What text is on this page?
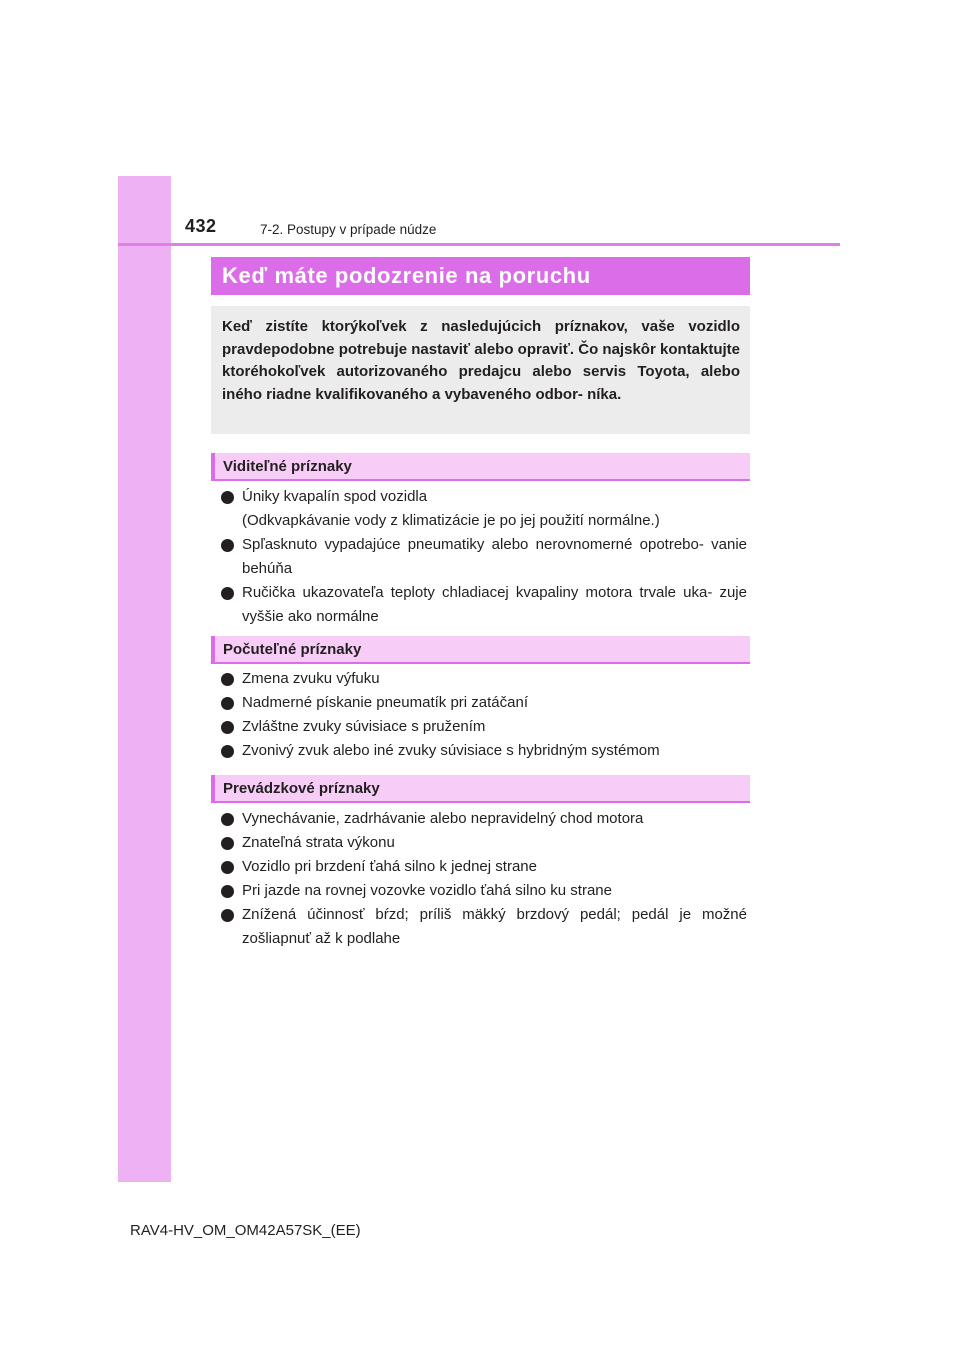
432	7-2. Postupy v prípade núdze
Keď máte podozrenie na poruchu
Keď zistíte ktorýkoľvek z nasledujúcich príznakov, vaše vozidlo pravdepodobne potrebuje nastaviť alebo opraviť. Čo najskôr kontaktujte ktoréhokoľvek autorizovaného predajcu alebo servis Toyota, alebo iného riadne kvalifikovaného a vybaveného odbor- níka.
Viditeľné príznaky
Úniky kvapalín spod vozidla
(Odkvapkávanie vody z klimatizácie je po jej použití normálne.)
Spľasknuto vypadajúce pneumatiky alebo nerovnomerné opotrebo- vanie behúňa
Ručička ukazovateľa teploty chladiacej kvapaliny motora trvale uka- zuje vyššie ako normálne
Počuteľné príznaky
Zmena zvuku výfuku
Nadmerné pískanie pneumatík pri zatáčaní
Zvláštne zvuky súvisiace s pružením
Zvonivý zvuk alebo iné zvuky súvisiace s hybridným systémom
Prevádzkové príznaky
Vynechávanie, zadrhávanie alebo nepravidelný chod motora
Znateľná strata výkonu
Vozidlo pri brzdení ťahá silno k jednej strane
Pri jazde na rovnej vozovke vozidlo ťahá silno ku strane
Znížená účinnosť bŕzd; príliš mäkký brzdový pedál; pedál je možné zošliapnuť až k podlahe
RAV4-HV_OM_OM42A57SK_(EE)
